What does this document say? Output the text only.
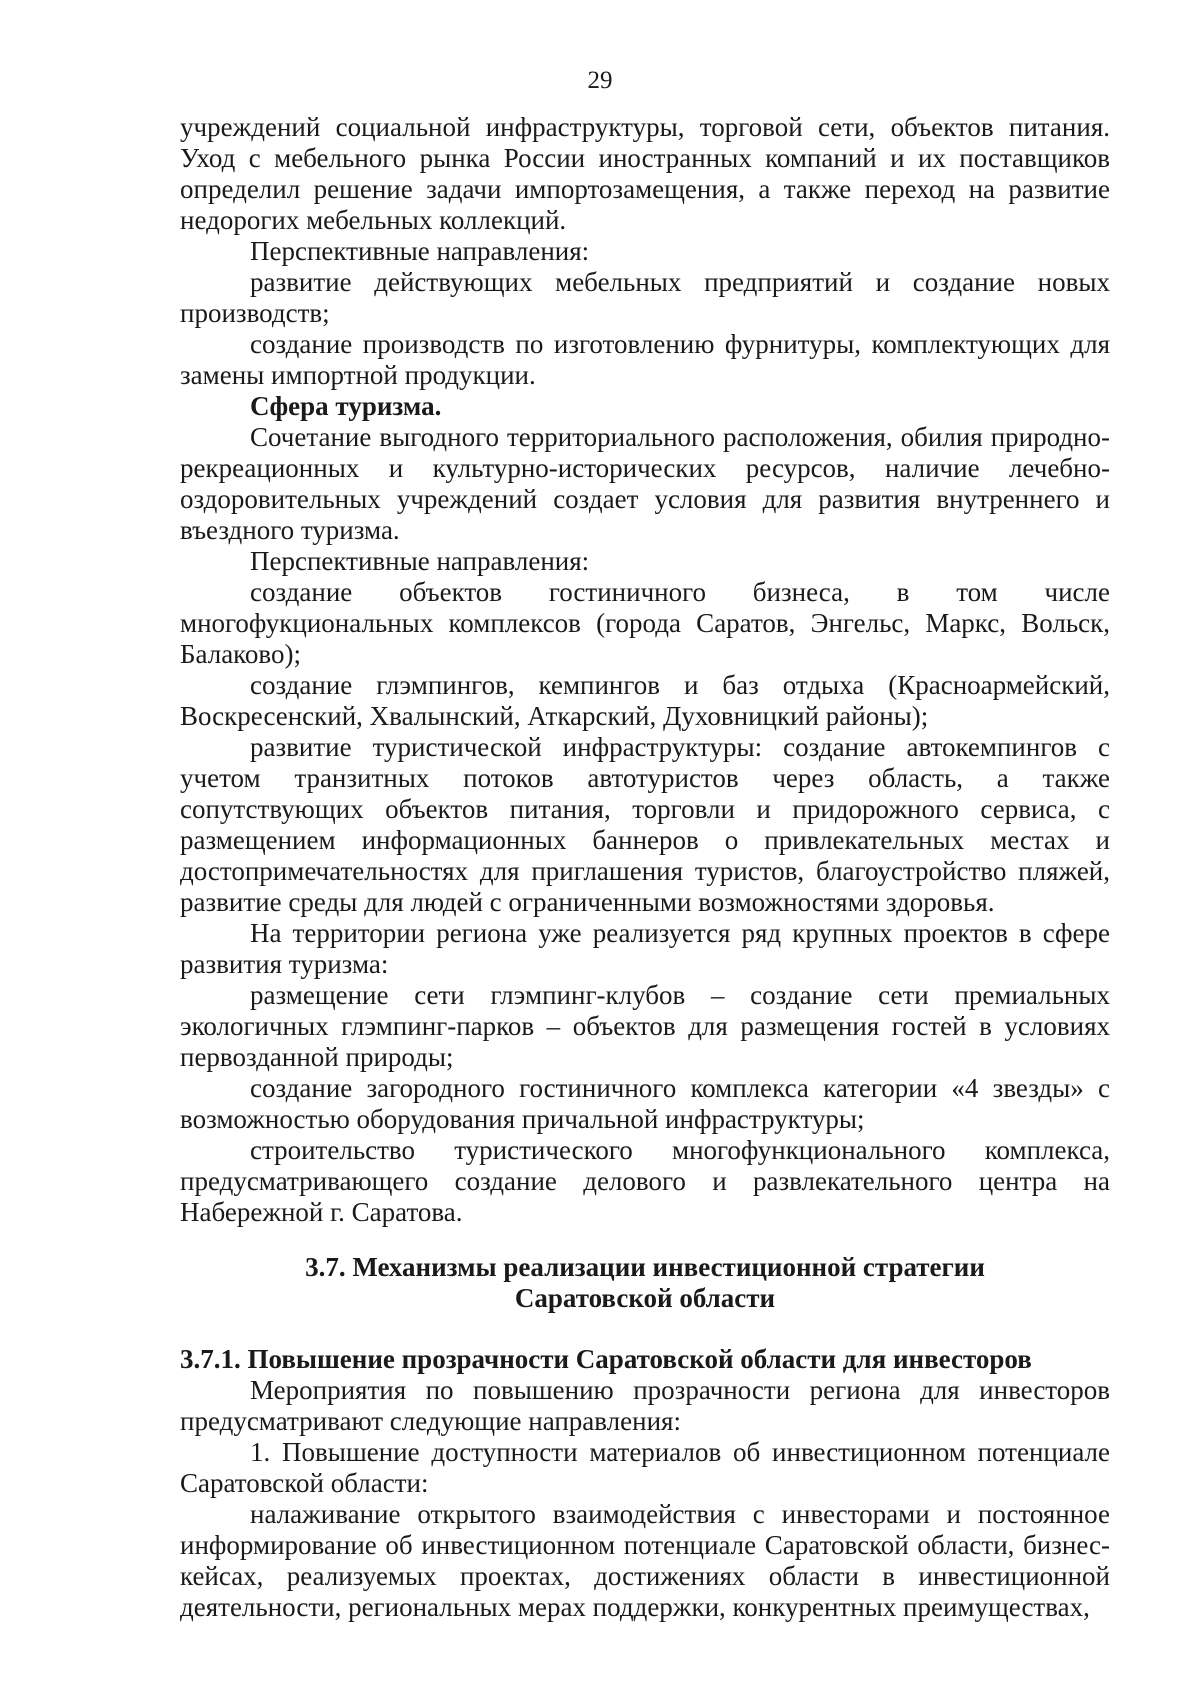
29

учреждений социальной инфраструктуры, торговой сети, объектов питания. Уход с мебельного рынка России иностранных компаний и их поставщиков определил решение задачи импортозамещения, а также переход на развитие недорогих мебельных коллекций.

Перспективные направления:

развитие действующих мебельных предприятий и создание новых производств;

создание производств по изготовлению фурнитуры, комплектующих для замены импортной продукции.

Сфера туризма.

Сочетание выгодного территориального расположения, обилия природно-рекреационных и культурно-исторических ресурсов, наличие лечебно-оздоровительных учреждений создает условия для развития внутреннего и въездного туризма.

Перспективные направления:

создание объектов гостиничного бизнеса, в том числе многофукциональных комплексов (города Саратов, Энгельс, Маркс, Вольск, Балаково);

создание глэмпингов, кемпингов и баз отдыха (Красноармейский, Воскресенский, Хвалынский, Аткарский, Духовницкий районы);

развитие туристической инфраструктуры: создание автокемпингов с учетом транзитных потоков автотуристов через область, а также сопутствующих объектов питания, торговли и придорожного сервиса, с размещением информационных баннеров о привлекательных местах и достопримечательностях для приглашения туристов, благоустройство пляжей, развитие среды для людей с ограниченными возможностями здоровья.

На территории региона уже реализуется ряд крупных проектов в сфере развития туризма:

размещение сети глэмпинг-клубов – создание сети премиальных экологичных глэмпинг-парков – объектов для размещения гостей в условиях первозданной природы;

создание загородного гостиничного комплекса категории «4 звезды» с возможностью оборудования причальной инфраструктуры;

строительство туристического многофункционального комплекса, предусматривающего создание делового и развлекательного центра на Набережной г. Саратова.

3.7. Механизмы реализации инвестиционной стратегии
Саратовской области

3.7.1. Повышение прозрачности Саратовской области для инвесторов

Мероприятия по повышению прозрачности региона для инвесторов предусматривают следующие направления:

1. Повышение доступности материалов об инвестиционном потенциале Саратовской области:

налаживание открытого взаимодействия с инвесторами и постоянное информирование об инвестиционном потенциале Саратовской области, бизнес-кейсах, реализуемых проектах, достижениях области в инвестиционной деятельности, региональных мерах поддержки, конкурентных преимуществах,
